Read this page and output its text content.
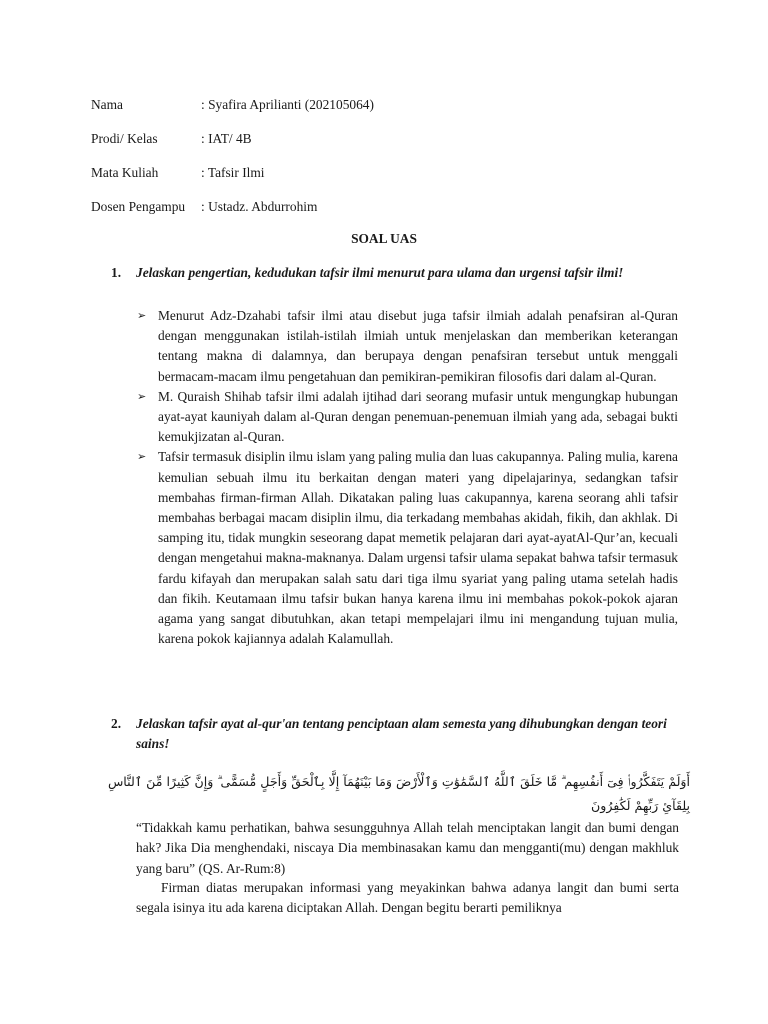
Nama	: Syafira Aprilianti (202105064)
Prodi/ Kelas	: IAT/ 4B
Mata Kuliah	: Tafsir Ilmi
Dosen Pengampu	: Ustadz. Abdurrohim
SOAL UAS
1. Jelaskan pengertian, kedudukan tafsir ilmi menurut para ulama dan urgensi tafsir ilmi!

➢ Menurut Adz-Dzahabi tafsir ilmi atau disebut juga tafsir ilmiah adalah penafsiran al-Quran dengan menggunakan istilah-istilah ilmiah untuk menjelaskan dan memberikan keterangan tentang makna di dalamnya, dan berupaya dengan penafsiran tersebut untuk menggali bermacam-macam ilmu pengetahuan dan pemikiran-pemikiran filosofis dari dalam al-Quran.

➢ M. Quraish Shihab tafsir ilmi adalah ijtihad dari seorang mufasir untuk mengungkap hubungan ayat-ayat kauniyah dalam al-Quran dengan penemuan-penemuan ilmiah yang ada, sebagai bukti kemukjizatan al-Quran.

➢ Tafsir termasuk disiplin ilmu islam yang paling mulia dan luas cakupannya. Paling mulia, karena kemulian sebuah ilmu itu berkaitan dengan materi yang dipelajarinya, sedangkan tafsir membahas firman-firman Allah. Dikatakan paling luas cakupannya, karena seorang ahli tafsir membahas berbagai macam disiplin ilmu, dia terkadang membahas akidah, fikih, dan akhlak. Di samping itu, tidak mungkin seseorang dapat memetik pelajaran dari ayat-ayatAl-Qur’an, kecuali dengan mengetahui makna-maknanya. Dalam urgensi tafsir ulama sepakat bahwa tafsir termasuk fardu kifayah dan merupakan salah satu dari tiga ilmu syariat yang paling utama setelah hadis dan fikih. Keutamaan ilmu tafsir bukan hanya karena ilmu ini membahas pokok-pokok ajaran agama yang sangat dibutuhkan, akan tetapi mempelajari ilmu ini mengandung tujuan mulia, karena pokok kajiannya adalah Kalamullah.

2. Jelaskan tafsir ayat al-qur'an tentang penciptaan alam semesta yang dihubungkan dengan teori sains!
أَوَلَمْ يَتَفَكَّرُوا۟ فِىٓ أَنفُسِهِم ۗ مَّا خَلَقَ ٱللَّهُ ٱلسَّمَٰوَٰتِ وَٱلْأَرْضَ وَمَا بَيْنَهُمَآ إِلَّا بِٱلْحَقِّ وَأَجَلٍ مُّسَمًّى ۗ وَإِنَّ كَثِيرًا مِّنَ ٱلنَّاسِ بِلِقَآئِ رَبِّهِمْ لَكَٰفِرُونَ
“Tidakkah kamu perhatikan, bahwa sesungguhnya Allah telah menciptakan langit dan bumi dengan hak? Jika Dia menghendaki, niscaya Dia membinasakan kamu dan mengganti(mu) dengan makhluk yang baru” (QS. Ar-Rum:8)
Firman diatas merupakan informasi yang meyakinkan bahwa adanya langit dan bumi serta segala isinya itu ada karena diciptakan Allah. Dengan begitu berarti pemiliknya
